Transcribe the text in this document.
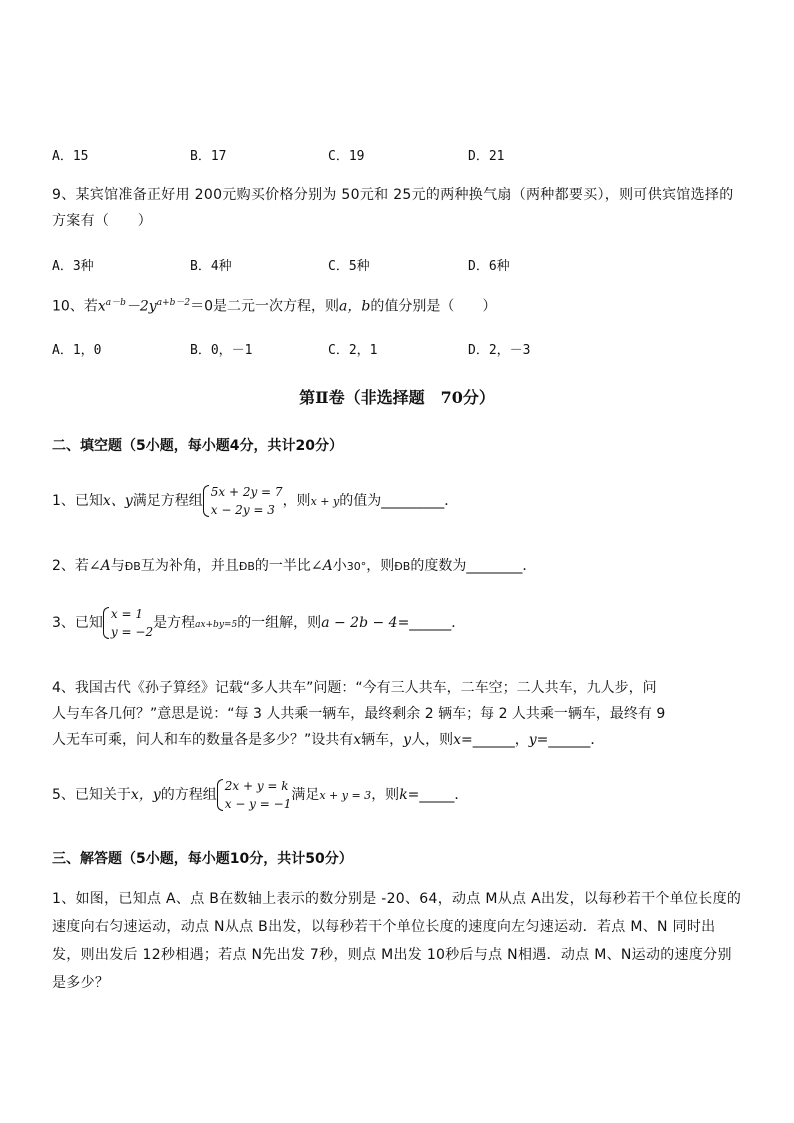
A．15	B．17	C．19	D．21
9、某宾馆准备正好用 200元购买价格分别为 50元和 25元的两种换气扇（两种都要买），则可供宾馆选择的方案有（　　）
A．3种	B．4种	C．5种	D．6种
10、若$x^{a-b}-2y^{a+b-2}=0$是二元一次方程，则a，b的值分别是（　　）
A．1，0	B．0，－1	C．2，1	D．2，－3
第Ⅱ卷（非选择题　70分）
二、填空题（5小题，每小题4分，共计20分）
1、已知x、y满足方程组
5x + 2y = 7
x − 2y = 3
，则x + y的值为_________．
2、若∠A与ÐB互为补角，并且ÐB的一半比∠A小30°，则ÐB的度数为________．
3、已知
x = 1
y = −2
是方程ax+by=5的一组解，则a − 2b − 4=______．
4、我国古代《孙子算经》记载“多人共车”问题：“今有三人共车，二车空；二人共车，九人步，问
人与车各几何？”意思是说：“每 3 人共乘一辆车，最终剩余 2 辆车；每 2 人共乘一辆车，最终有 9
人无车可乘，问人和车的数量各是多少？”设共有x辆车，y人，则x=______，y=______．
5、已知关于x，y的方程组
2x + y = k
x − y = −1
满足x + y = 3，则k=_____．
三、解答题（5小题，每小题10分，共计50分）
1、如图，已知点 A、点 B在数轴上表示的数分别是 -20、64，动点 M从点 A出发，以每秒若干个单位长度的速度向右匀速运动，动点 N从点 B出发，以每秒若干个单位长度的速度向左匀速运动．若点 M、N 同时出发，则出发后 12秒相遇；若点 N先出发 7秒，则点 M出发 10秒后与点 N相遇．动点 M、N运动的速度分别是多少？
